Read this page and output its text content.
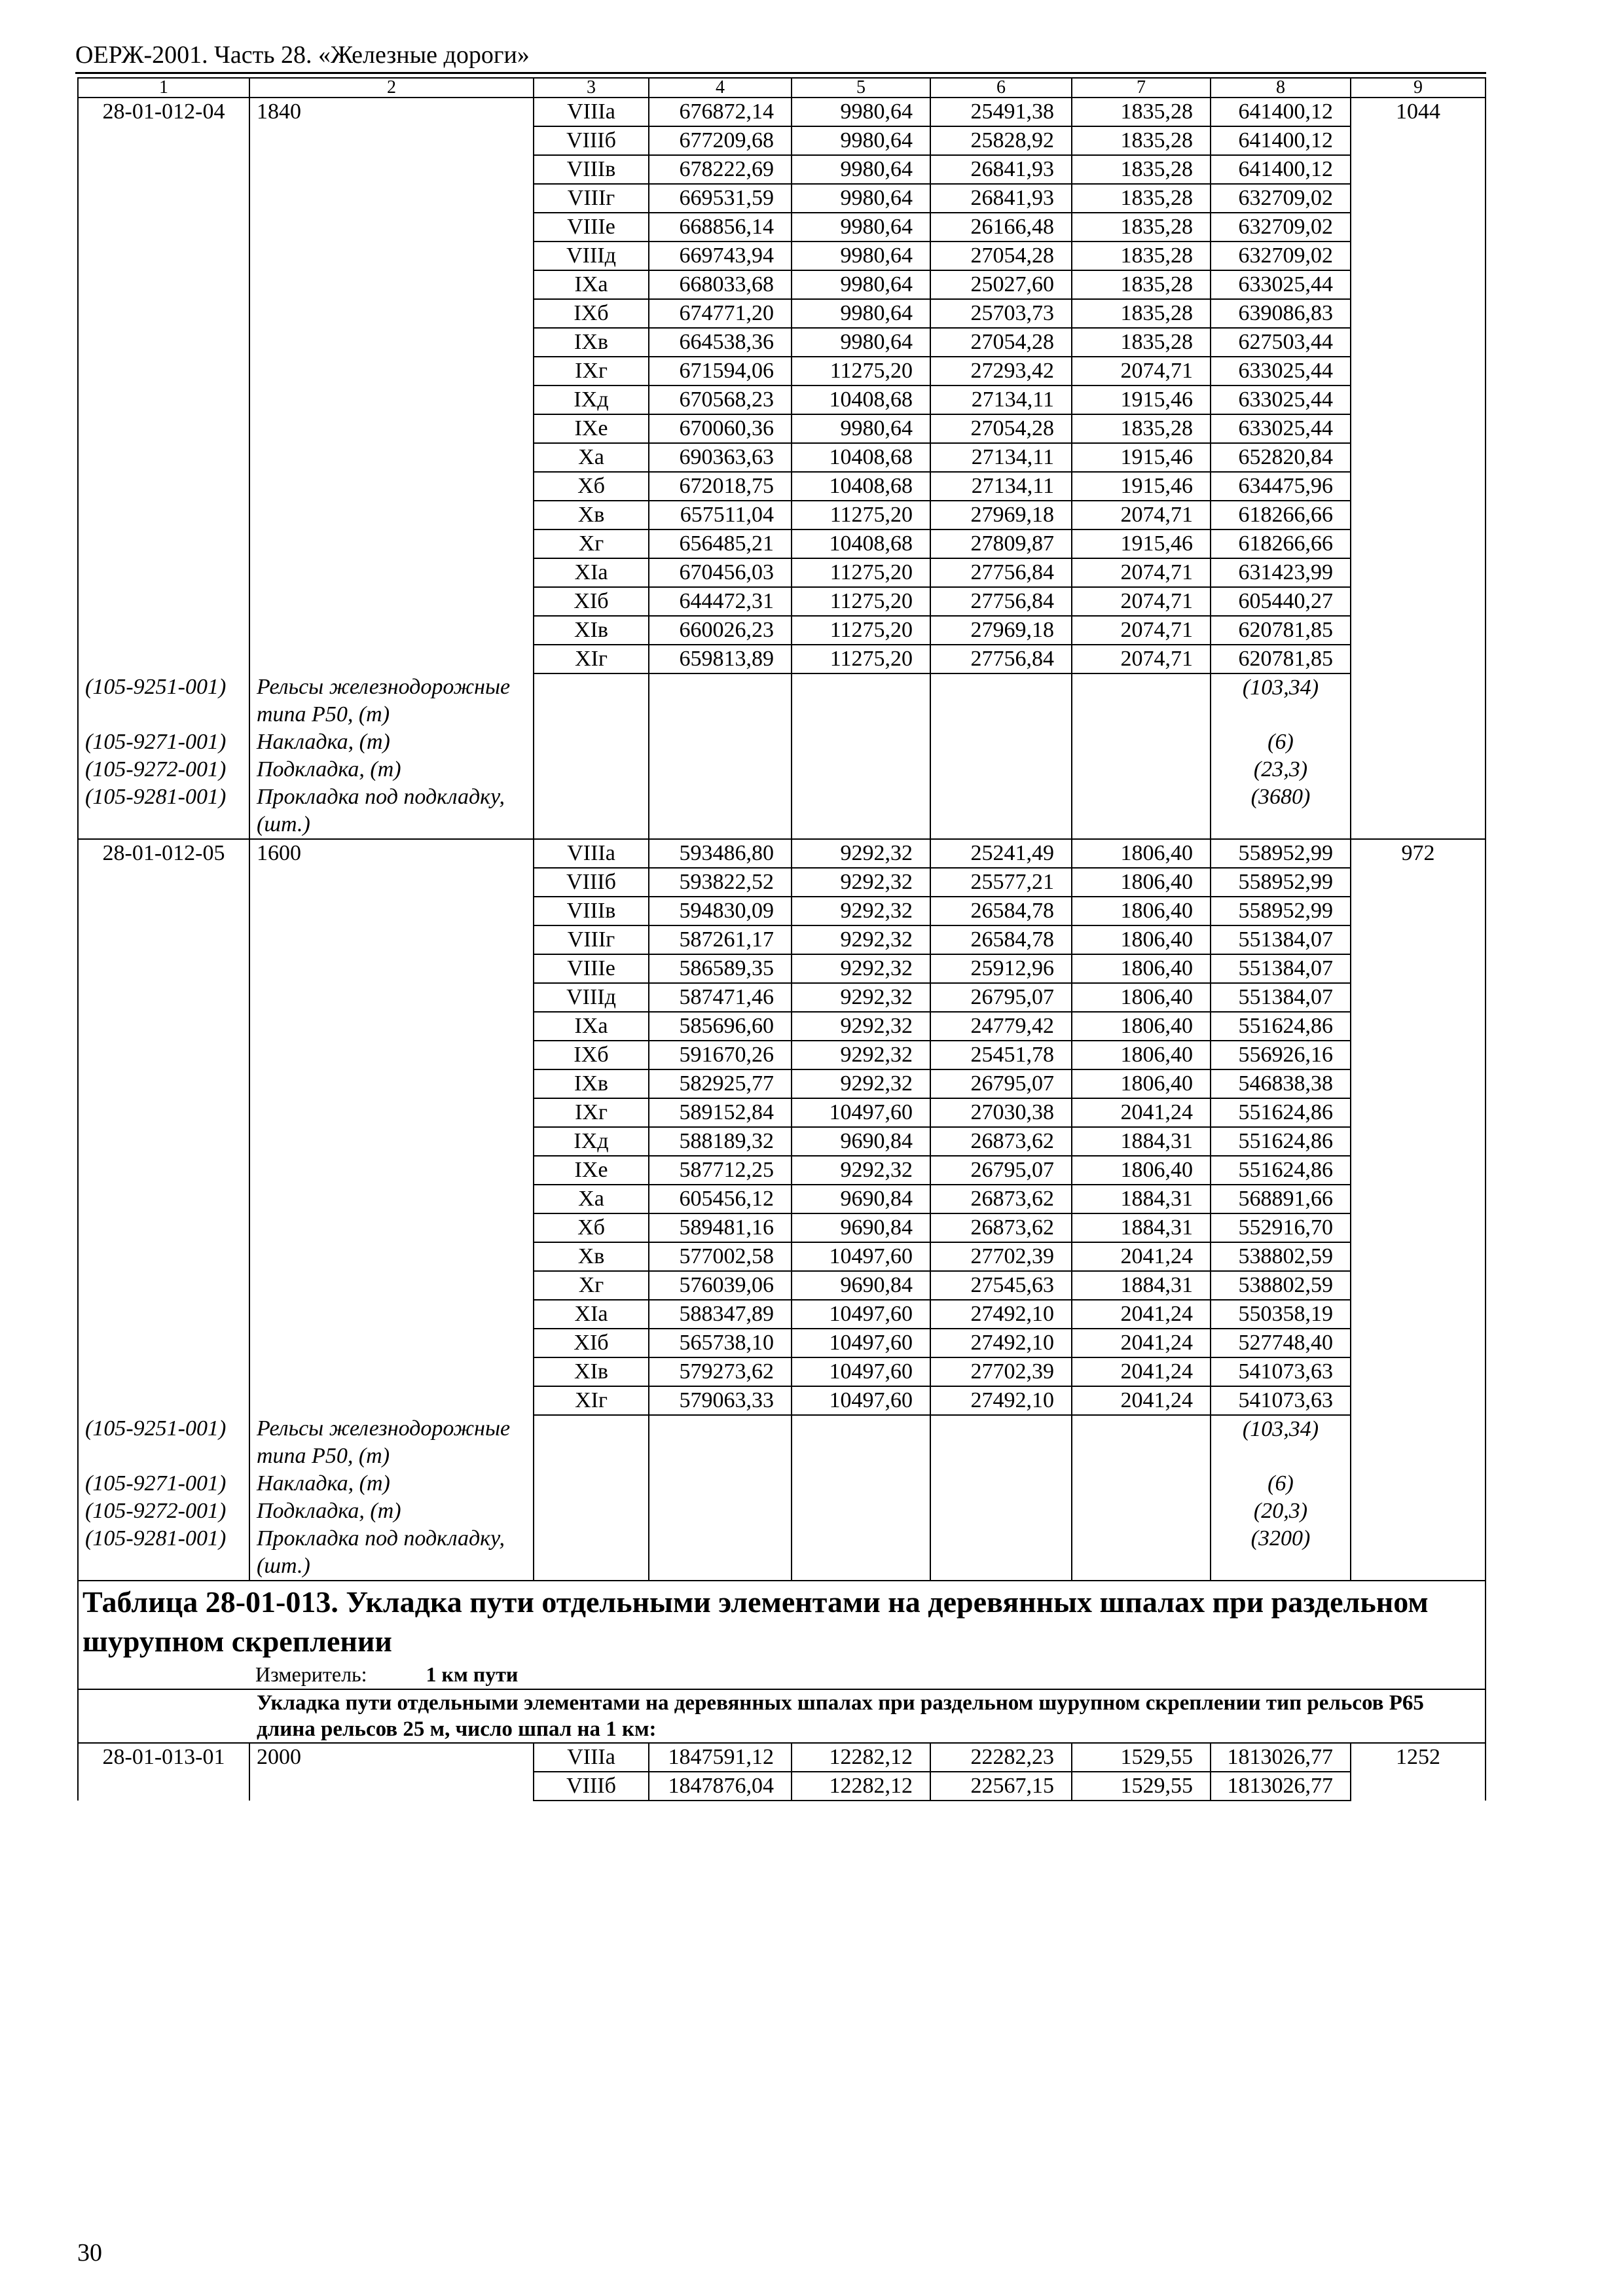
ОЕРЖ-2001. Часть 28. «Железные дороги»
1	2	3	4	5	6	7	8	9
28-01-012-04	1840	VIIIа	676872,14	9980,64	25491,38	1835,28	641400,12	1044
		VIIIб	677209,68	9980,64	25828,92	1835,28	641400,12	
		VIIIв	678222,69	9980,64	26841,93	1835,28	641400,12	
		VIIIг	669531,59	9980,64	26841,93	1835,28	632709,02	
		VIIIе	668856,14	9980,64	26166,48	1835,28	632709,02	
		VIIIд	669743,94	9980,64	27054,28	1835,28	632709,02	
		IXа	668033,68	9980,64	25027,60	1835,28	633025,44	
		IXб	674771,20	9980,64	25703,73	1835,28	639086,83	
		IXв	664538,36	9980,64	27054,28	1835,28	627503,44	
		IXг	671594,06	11275,20	27293,42	2074,71	633025,44	
		IXд	670568,23	10408,68	27134,11	1915,46	633025,44	
		IXе	670060,36	9980,64	27054,28	1835,28	633025,44	
		Xа	690363,63	10408,68	27134,11	1915,46	652820,84	
		Xб	672018,75	10408,68	27134,11	1915,46	634475,96	
		Xв	657511,04	11275,20	27969,18	2074,71	618266,66	
		Xг	656485,21	10408,68	27809,87	1915,46	618266,66	
		XIа	670456,03	11275,20	27756,84	2074,71	631423,99	
		XIб	644472,31	11275,20	27756,84	2074,71	605440,27	
		XIв	660026,23	11275,20	27969,18	2074,71	620781,85	
		XIг	659813,89	11275,20	27756,84	2074,71	620781,85	
(105-9251-001)	Рельсы железнодорожные типа Р50, (т)						(103,34)	
(105-9271-001)	Накладка, (т)						(6)	
(105-9272-001)	Подкладка, (т)						(23,3)	
(105-9281-001)	Прокладка под подкладку, (шт.)						(3680)	
28-01-012-05	1600	VIIIа	593486,80	9292,32	25241,49	1806,40	558952,99	972
		VIIIб	593822,52	9292,32	25577,21	1806,40	558952,99	
		VIIIв	594830,09	9292,32	26584,78	1806,40	558952,99	
		VIIIг	587261,17	9292,32	26584,78	1806,40	551384,07	
		VIIIе	586589,35	9292,32	25912,96	1806,40	551384,07	
		VIIIд	587471,46	9292,32	26795,07	1806,40	551384,07	
		IXа	585696,60	9292,32	24779,42	1806,40	551624,86	
		IXб	591670,26	9292,32	25451,78	1806,40	556926,16	
		IXв	582925,77	9292,32	26795,07	1806,40	546838,38	
		IXг	589152,84	10497,60	27030,38	2041,24	551624,86	
		IXд	588189,32	9690,84	26873,62	1884,31	551624,86	
		IXе	587712,25	9292,32	26795,07	1806,40	551624,86	
		Xа	605456,12	9690,84	26873,62	1884,31	568891,66	
		Xб	589481,16	9690,84	26873,62	1884,31	552916,70	
		Xв	577002,58	10497,60	27702,39	2041,24	538802,59	
		Xг	576039,06	9690,84	27545,63	1884,31	538802,59	
		XIа	588347,89	10497,60	27492,10	2041,24	550358,19	
		XIб	565738,10	10497,60	27492,10	2041,24	527748,40	
		XIв	579273,62	10497,60	27702,39	2041,24	541073,63	
		XIг	579063,33	10497,60	27492,10	2041,24	541073,63	
(105-9251-001)	Рельсы железнодорожные типа Р50, (т)						(103,34)	
(105-9271-001)	Накладка, (т)						(6)	
(105-9272-001)	Подкладка, (т)						(20,3)	
(105-9281-001)	Прокладка под подкладку, (шт.)						(3200)	
Таблица 28-01-013. Укладка пути отдельными элементами на деревянных шпалах при раздельном шурупном скреплении
Измеритель: 1 км пути								

Укладка пути отдельными элементами на деревянных шпалах при раздельном шурупном скреплении тип рельсов Р65 длина рельсов 25 м, число шпал на 1 км:								
28-01-013-01	2000	VIIIа	1847591,12	12282,12	22282,23	1529,55	1813026,77	1252
		VIIIб	1847876,04	12282,12	22567,15	1529,55	1813026,77	
30
